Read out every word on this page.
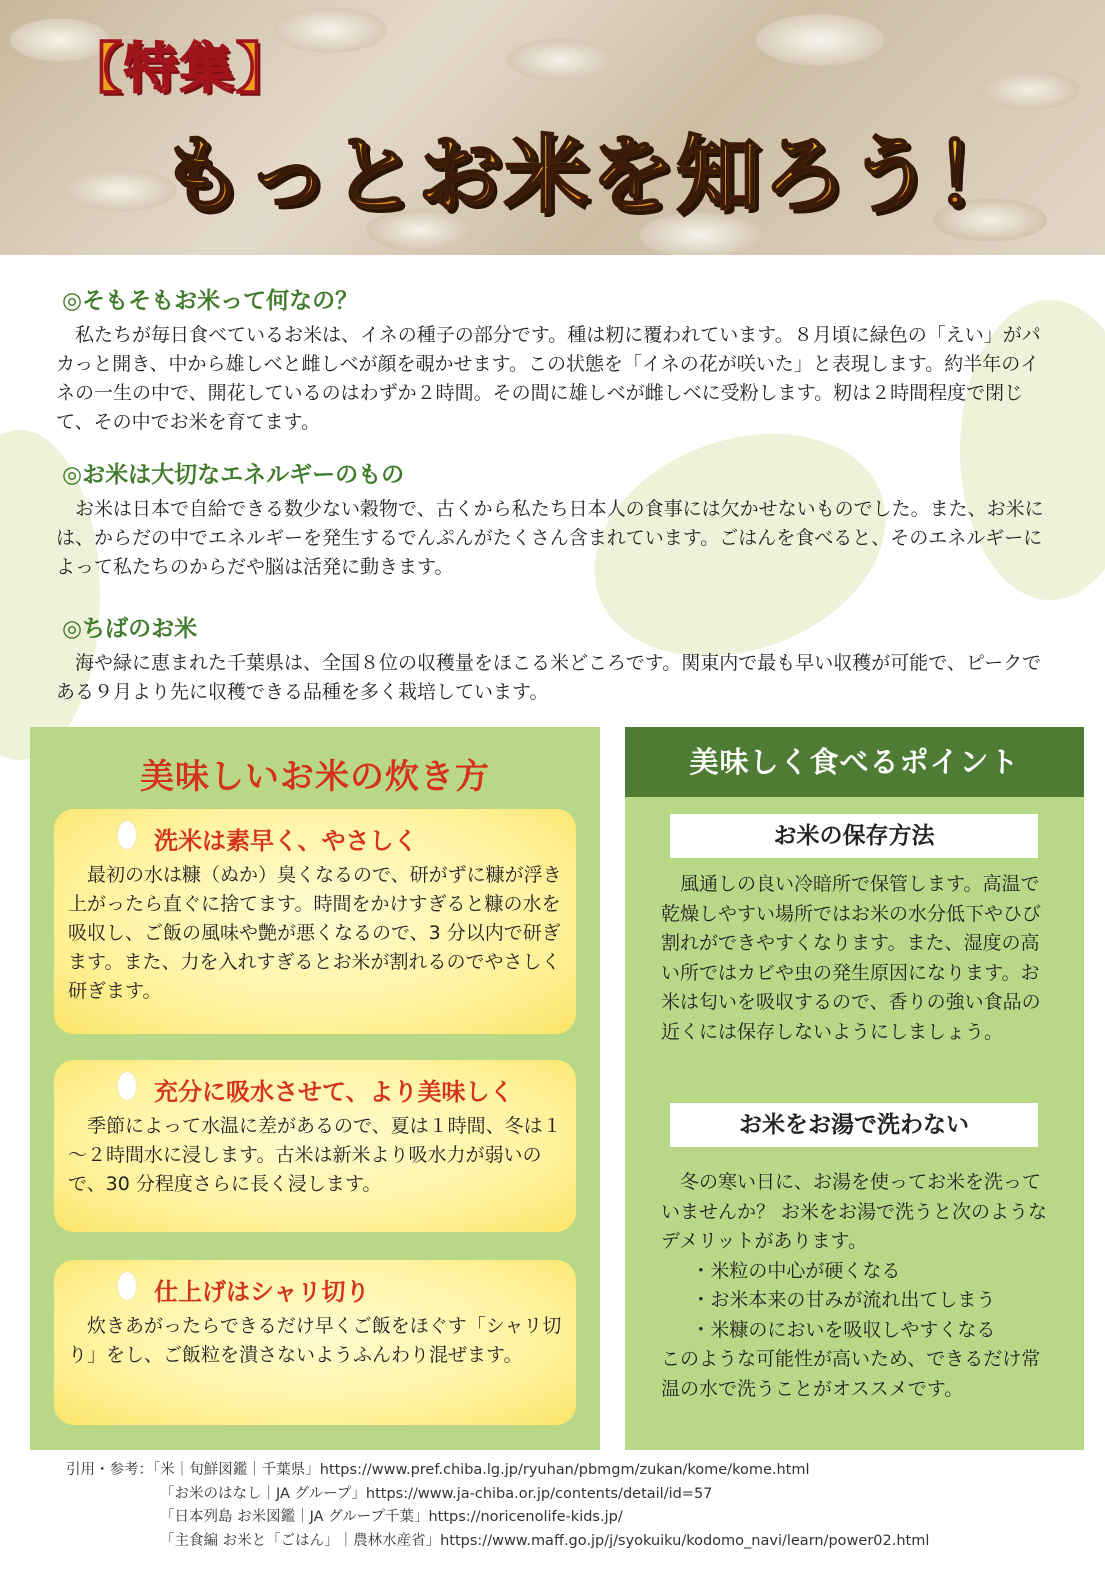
【特集】
もっとお米を知ろう！
◎そもそもお米って何なの？

私たちが毎日食べているお米は、イネの種子の部分です。種は籾に覆われています。８月頃に緑色の「えい」がパカっと開き、中から雄しべと雌しべが顔を覗かせます。この状態を「イネの花が咲いた」と表現します。約半年のイネの一生の中で、開花しているのはわずか２時間。その間に雄しべが雌しべに受粉します。籾は２時間程度で閉じて、その中でお米を育てます。

◎お米は大切なエネルギーのもの

お米は日本で自給できる数少ない穀物で、古くから私たち日本人の食事には欠かせないものでした。また、お米には、からだの中でエネルギーを発生するでんぷんがたくさん含まれています。ごはんを食べると、そのエネルギーによって私たちのからだや脳は活発に動きます。

◎ちばのお米

海や緑に恵まれた千葉県は、全国８位の収穫量をほこる米どころです。関東内で最も早い収穫が可能で、ピークである９月より先に収穫できる品種を多く栽培しています。

美味しいお米の炊き方
洗米は素早く、やさしく

最初の水は糠（ぬか）臭くなるので、研がずに糠が浮き上がったら直ぐに捨てます。時間をかけすぎると糠の水を吸収し、ご飯の風味や艶が悪くなるので、3 分以内で研ぎます。また、力を入れすぎるとお米が割れるのでやさしく研ぎます。

充分に吸水させて、より美味しく

季節によって水温に差があるので、夏は１時間、冬は１～２時間水に浸します。古米は新米より吸水力が弱いので、30 分程度さらに長く浸します。

仕上げはシャリ切り

炊きあがったらできるだけ早くご飯をほぐす「シャリ切り」をし、ご飯粒を潰さないようふんわり混ぜます。

美味しく食べるポイント
お米の保存方法

風通しの良い冷暗所で保管します。高温で乾燥しやすい場所ではお米の水分低下やひび割れができやすくなります。また、湿度の高い所ではカビや虫の発生原因になります。お米は匂いを吸収するので、香りの強い食品の近くには保存しないようにしましょう。

お米をお湯で洗わない
冬の寒い日に、お湯を使ってお米を洗っていませんか？ お米をお湯で洗うと次のようなデメリットがあります。
・米粒の中心が硬くなる
・お米本来の甘みが流れ出てしまう
・米糠のにおいを吸収しやすくなる
このような可能性が高いため、できるだけ常温の水で洗うことがオススメです。
引用・参考：「米｜旬鮮図鑑｜千葉県」https://www.pref.chiba.lg.jp/ryuhan/pbmgm/zukan/kome/kome.html
「お米のはなし｜JA グループ」https://www.ja-chiba.or.jp/contents/detail/id=57
「日本列島 お米図鑑｜JA グループ千葉」https://noricenolife-kids.jp/
「主食編 お米と「ごはん」｜農林水産省」https://www.maff.go.jp/j/syokuiku/kodomo_navi/learn/power02.html
